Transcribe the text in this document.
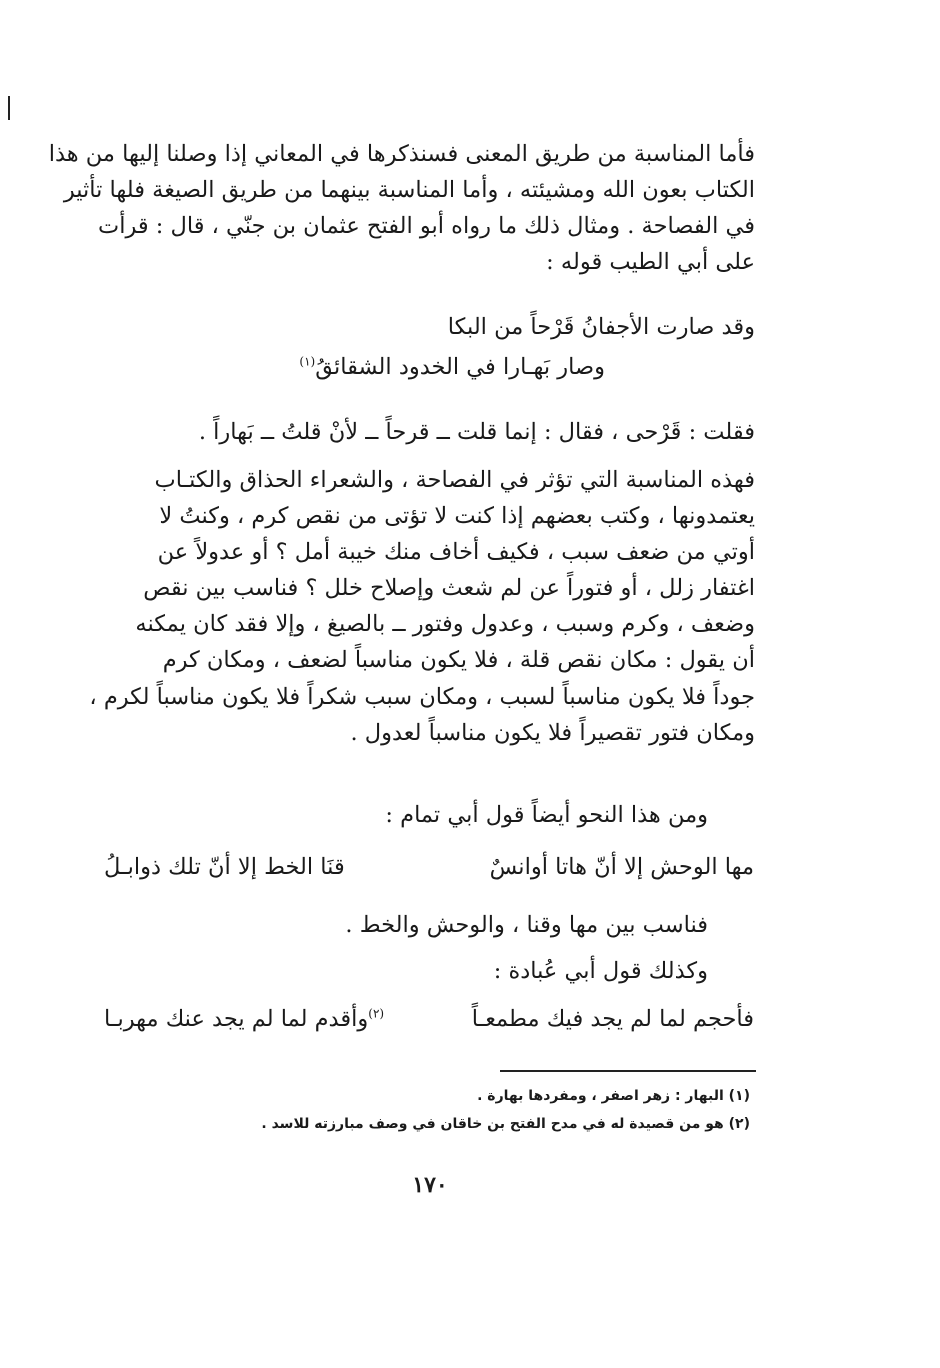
فأما المناسبة من طريق المعنى فسنذكرها في المعاني إذا وصلنا إليها من هذا
الكتاب بعون الله ومشيئته ، وأما المناسبة بينهما من طريق الصيغة فلها تأثير
في الفصاحة . ومثال ذلك ما رواه أبو الفتح عثمان بن جنّي ، قال : قرأت
على أبي الطيب قوله :
وقد صارت الأجفانُ قَرْحاً من البكا
وصار بَهـارا في الخدود الشقائقُ$^{(١)}$
فقلت : قَرْحى ، فقال : إنما قلت ــ قرحاً ــ لأنْ قلتُ ــ بَهاراً .
فهذه المناسبة التي تؤثر في الفصاحة ، والشعراء الحذاق والكتـاب
يعتمدونها ، وكتب بعضهم إذا كنت لا تؤتى من نقص كرم ، وكنتُ لا
أوتي من ضعف سبب ، فكيف أخاف منك خيبة أمل ؟ أو عدولاً عن
اغتفار زلل ، أو فتوراً عن لم شعث وإصلاح خلل ؟ فناسب بين نقص
وضعف ، وكرم وسبب ، وعدول وفتور ــ بالصيغ ، وإلا فقد كان يمكنه
أن يقول : مكان نقص قلة ، فلا يكون مناسباً لضعف ، ومكان كرم
جوداً فلا يكون مناسباً لسبب ، ومكان سبب شكراً فلا يكون مناسباً لكرم ،
ومكان فتور تقصيراً فلا يكون مناسباً لعدول .
ومن هذا النحو أيضاً قول أبي تمام :
مها الوحش إلا أنّ هاتا أوانسٌ
قنَا الخط إلا أنّ تلك ذوابـلُ
فناسب بين مها وقنا ، والوحش والخط .
وكذلك قول أبي عُبادة :
فأحجم لما لم يجد فيك مطمعـاً
$^{(٢)}$وأقدم لما لم يجد عنك مهربـا
(١) البهار : زهر اصفر ، ومفردها بهارة .
(٢) هو من قصيدة له في مدح الفتح بن خاقان في وصف مبارزته للاسد .
١٧٠
